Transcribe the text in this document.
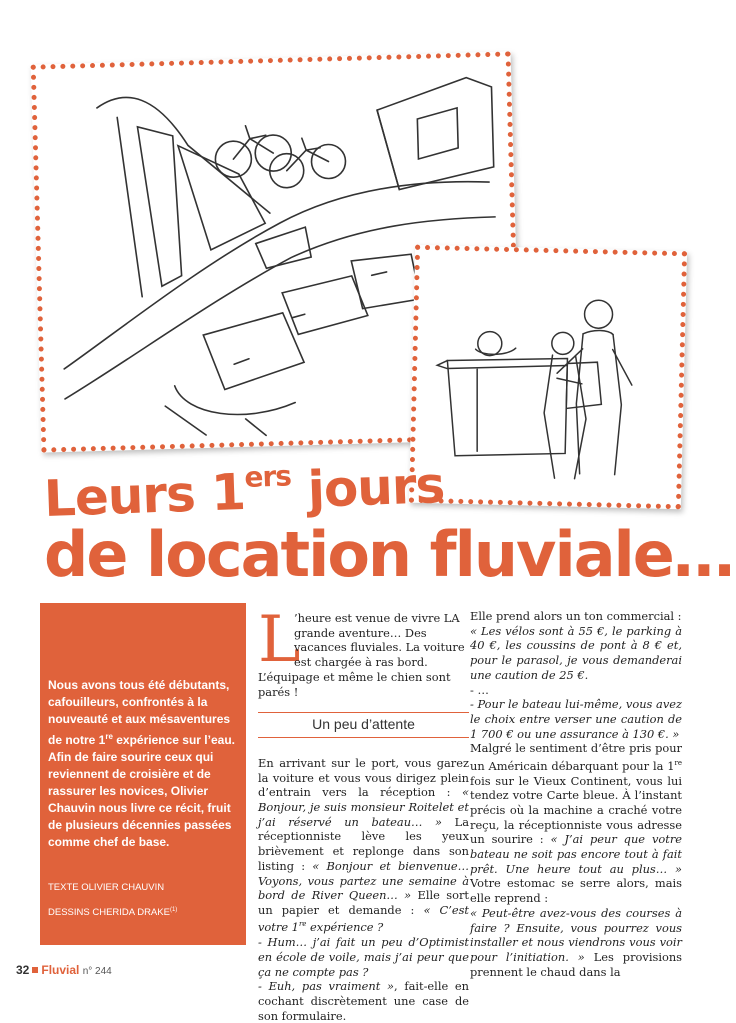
Leurs 1ers jours
de location fluviale…

Nous avons tous été débutants, cafouilleurs, confrontés à la nouveauté et aux mésaventures de notre 1re expérience sur l’eau. Afin de faire sourire ceux qui reviennent de croisière et de rassurer les novices, Olivier Chauvin nous livre ce récit, fruit de plusieurs décennies passées comme chef de base.

TEXTE OLIVIER CHAUVIN
DESSINS CHERIDA DRAKE$^{(1)}$
L

’heure est venue de vivre LA grande aventure… Des vacances fluviales. La voiture est chargée à ras bord. L’équipage et même le chien sont parés !

Un peu d’attente

En arrivant sur le port, vous garez la voiture et vous vous dirigez plein d’entrain vers la réception : « Bonjour, je suis monsieur Roitelet et j’ai réservé un bateau… » La réceptionniste lève les yeux brièvement et replonge dans son listing : « Bonjour et bienvenue… Voyons, vous partez une semaine à bord de River Queen… » Elle sort un papier et demande : « C’est votre 1re expérience ?

- Hum… j’ai fait un peu d’Optimist en école de voile, mais j’ai peur que ça ne compte pas ?

- Euh, pas vraiment », fait-elle en cochant discrètement une case de son formulaire.

Elle prend alors un ton commercial :

« Les vélos sont à 55 €, le parking à 40 €, les coussins de pont à 8 € et, pour le parasol, je vous demanderai une caution de 25 €.

- …

- Pour le bateau lui-même, vous avez le choix entre verser une caution de 1 700 € ou une assurance à 130 €. »

Malgré le sentiment d’être pris pour un Américain débarquant pour la 1re fois sur le Vieux Continent, vous lui tendez votre Carte bleue. À l’instant précis où la machine a craché votre reçu, la réceptionniste vous adresse un sourire : « J’ai peur que votre bateau ne soit pas encore tout à fait prêt. Une heure tout au plus… » Votre estomac se serre alors, mais elle reprend :

« Peut-être avez-vous des courses à faire ? Ensuite, vous pourrez vous installer et nous viendrons vous voir pour l’initiation. » Les provisions prennent le chaud dans la

32 Fluvial n° 244
